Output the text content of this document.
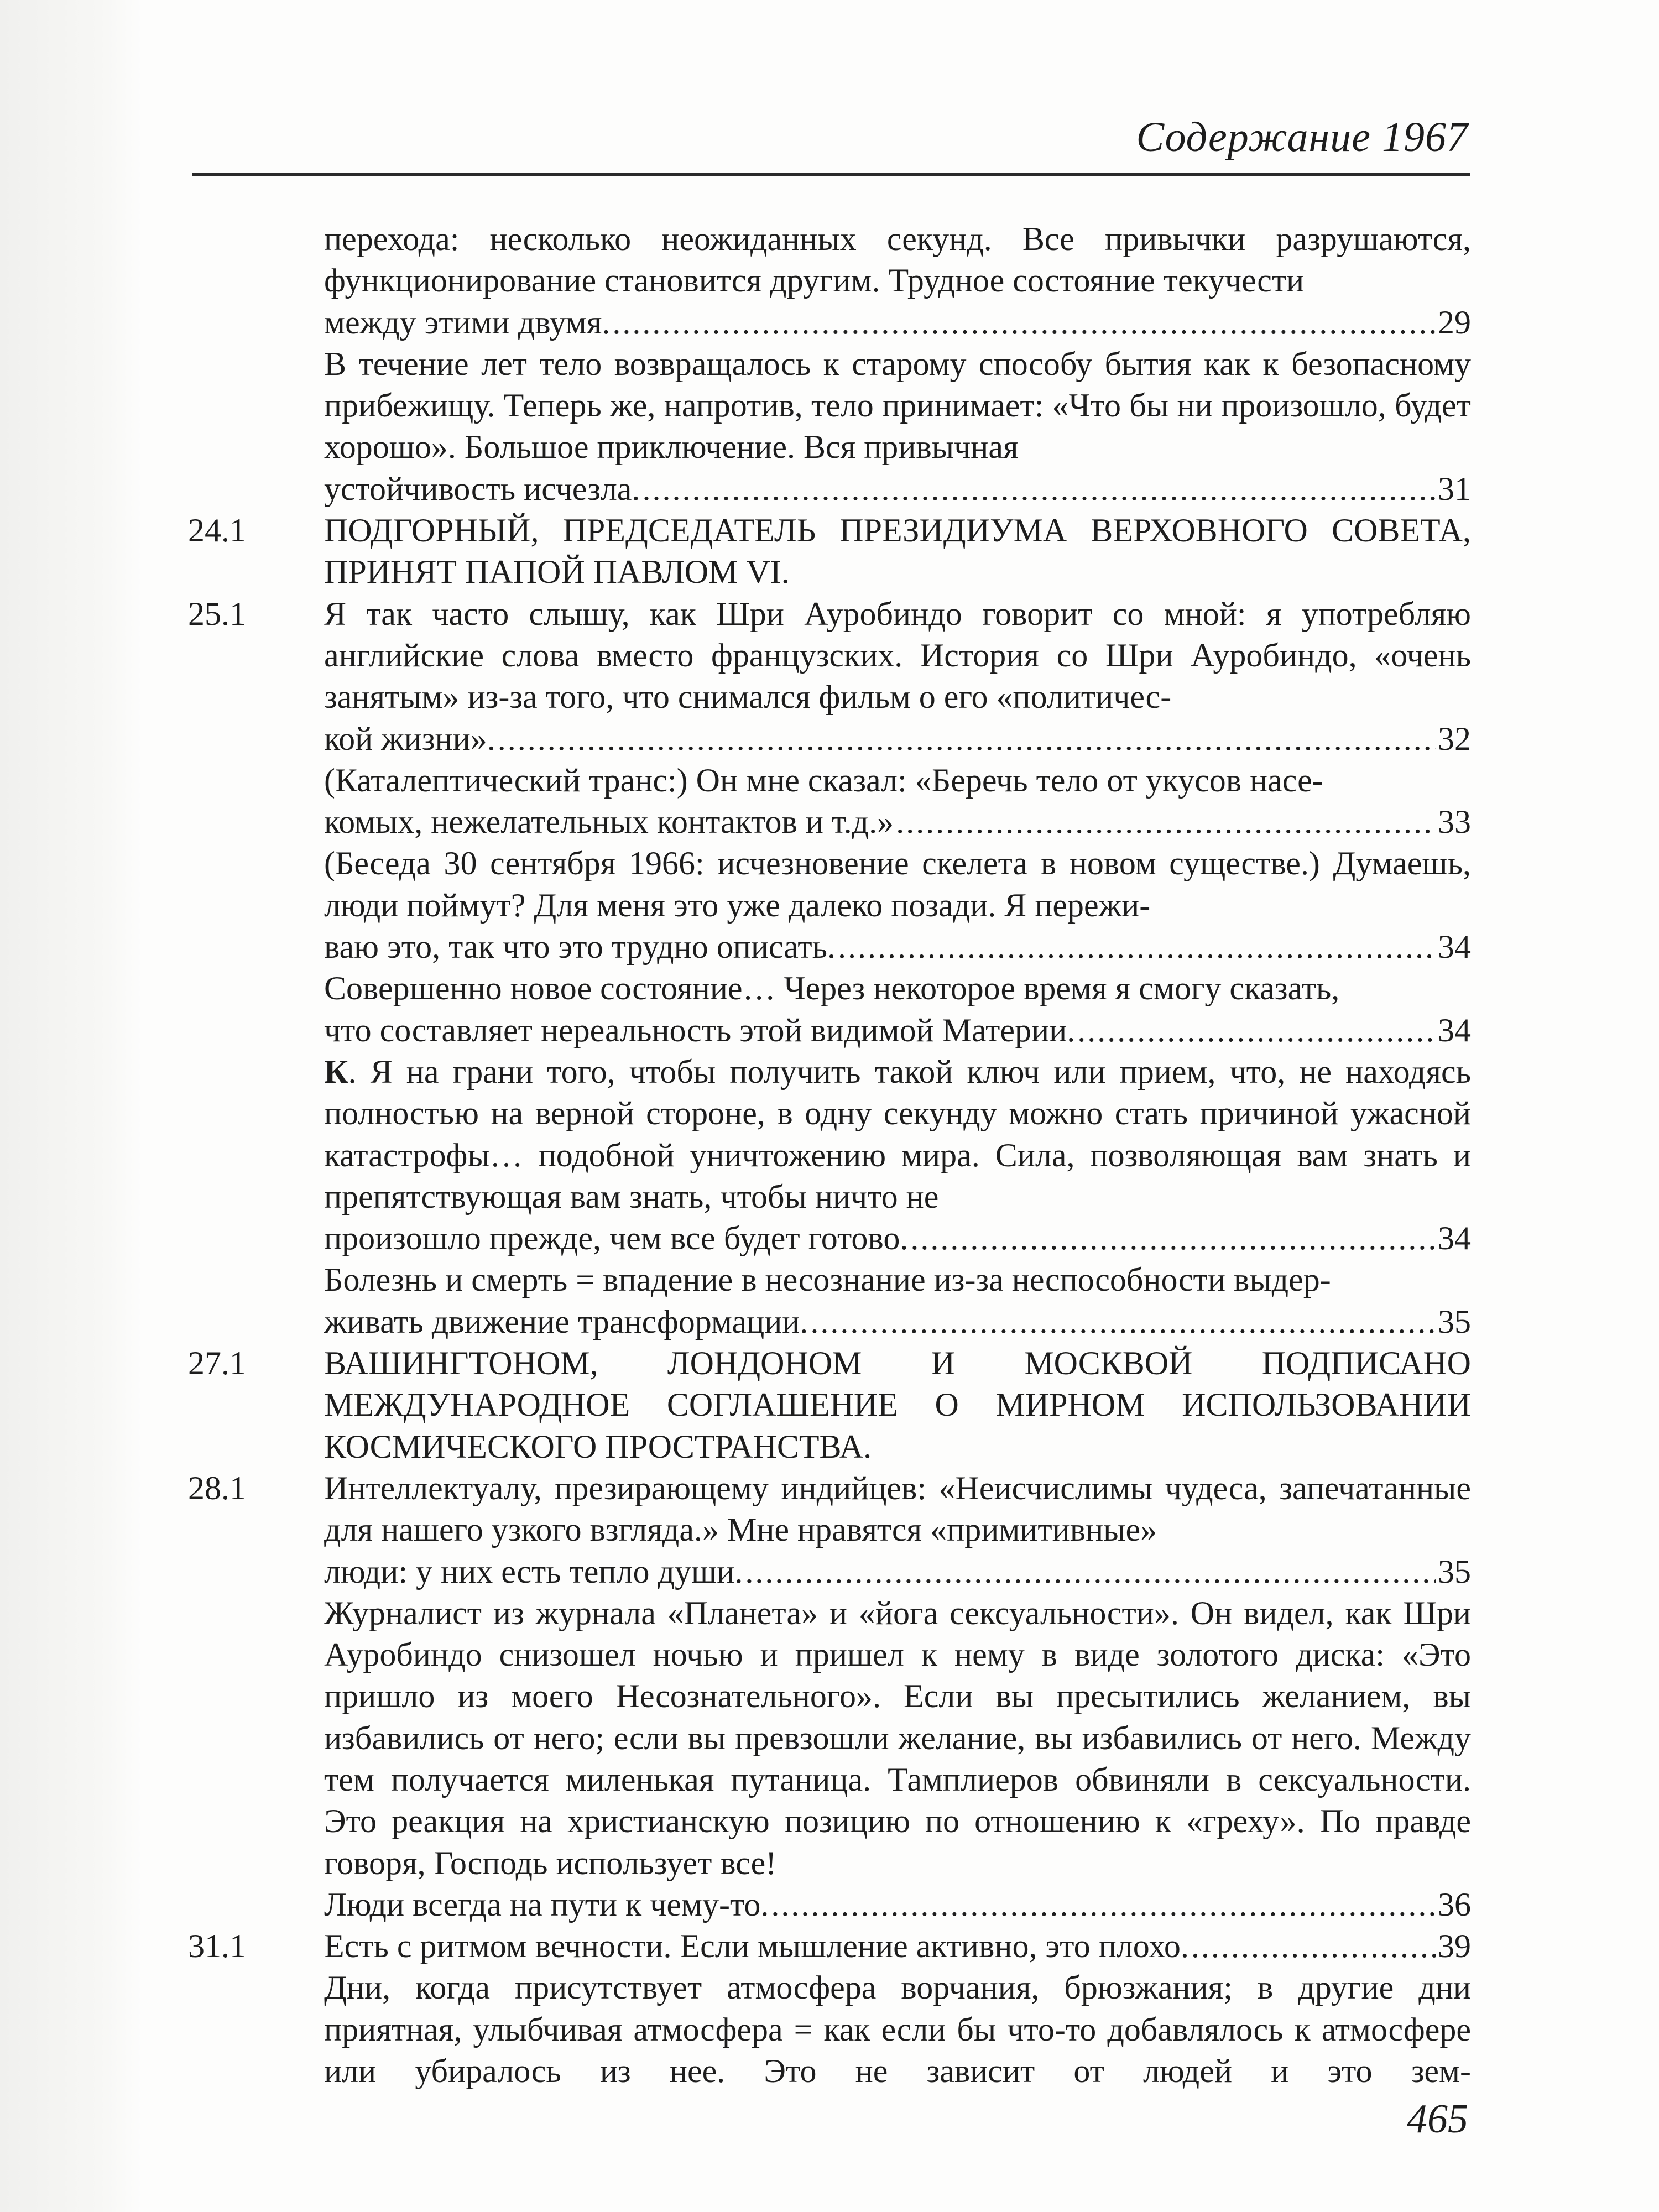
Содержание 1967
перехода: несколько неожиданных секунд. Все привычки разрушаются, функционирование становится другим. Трудное состояние текучести
между этими двумя. .....	29
В течение лет тело возвращалось к старому способу бытия как к безопасному прибежищу. Теперь же, напротив, тело принимает: «Что бы ни произошло, будет хорошо». Большое приключение. Вся привычная
устойчивость исчезла. .....	31
24.1	ПОДГОРНЫЙ, ПРЕДСЕДАТЕЛЬ ПРЕЗИДИУМА ВЕРХОВНОГО СОВЕТА, ПРИНЯТ ПАПОЙ ПАВЛОМ VI.
25.1	Я так часто слышу, как Шри Ауробиндо говорит со мной: я употребляю английские слова вместо французских. История со Шри Ауробиндо, «очень занятым» из-за того, что снимался фильм о его «политичес-
кой жизни». .....	32
(Каталептический транс:) Он мне сказал: «Беречь тело от укусов насе-
комых, нежелательных контактов и т.д.» .....	33
(Беседа 30 сентября 1966: исчезновение скелета в новом существе.) Думаешь, люди поймут? Для меня это уже далеко позади. Я пережи-
ваю это, так что это трудно описать. .....	34
Совершенно новое состояние… Через некоторое время я смогу сказать,
что составляет нереальность этой видимой Материи. .....	34
К. Я на грани того, чтобы получить такой ключ или прием, что, не находясь полностью на верной стороне, в одну секунду можно стать причиной ужасной катастрофы… подобной уничтожению мира. Сила, позволяющая вам знать и препятствующая вам знать, чтобы ничто не
произошло прежде, чем все будет готово. .....	34
Болезнь и смерть = впадение в несознание из-за неспособности выдер-
живать движение трансформации. .....	35
27.1	ВАШИНГТОНОМ, ЛОНДОНОМ И МОСКВОЙ ПОДПИСАНО МЕЖДУНАРОДНОЕ СОГЛАШЕНИЕ О МИРНОМ ИСПОЛЬЗОВАНИИ КОСМИЧЕСКОГО ПРОСТРАНСТВА.
28.1	Интеллектуалу, презирающему индийцев: «Неисчислимы чудеса, запечатанные для нашего узкого взгляда.» Мне нравятся «примитивные»
люди: у них есть тепло души. .....	35
Журналист из журнала «Планета» и «йога сексуальности». Он видел, как Шри Ауробиндо снизошел ночью и пришел к нему в виде золотого диска: «Это пришло из моего Несознательного». Если вы пресытились желанием, вы избавились от него; если вы превзошли желание, вы избавились от него. Между тем получается миленькая путаница. Тамплиеров обвиняли в сексуальности. Это реакция на христианскую позицию по отношению к «греху». По правде говоря, Господь использует все!
Люди всегда на пути к чему-то. .....	36
31.1	Есть с ритмом вечности. Если мышление активно, это плохо. .....	39
Дни, когда присутствует атмосфера ворчания, брюзжания; в другие дни приятная, улыбчивая атмосфера = как если бы что-то добавлялось к атмосфере или убиралось из нее. Это не зависит от людей и это зем-
465
